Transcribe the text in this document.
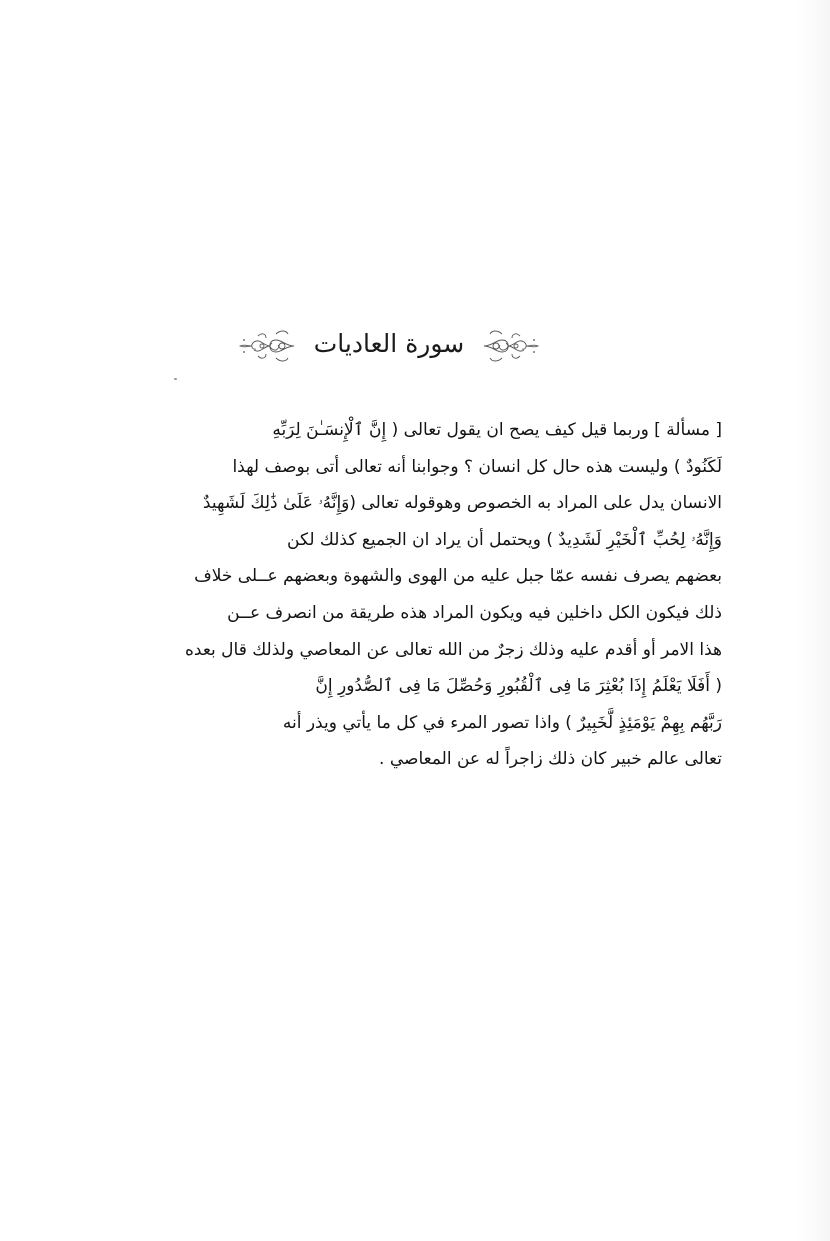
سورة العاديات
[ مسألة ] وربما قيل كيف يصح ان يقول تعالى ( إِنَّ ٱلْإِنسَـٰنَ لِرَبِّهِ
لَكَنُودٌ ) وليست هذه حال كل انسان ؟ وجوابنا أنه تعالى أتى بوصف لهذا
الانسان يدل على المراد به الخصوص وهوقوله تعالى (وَإِنَّهُۥ عَلَىٰ ذَٰلِكَ لَشَهِيدٌ
وَإِنَّهُۥ لِحُبِّ ٱلْخَيْرِ لَشَدِيدٌ ) ويحتمل أن يراد ان الجميع كذلك لكن
بعضهم يصرف نفسه عمّا جبل عليه من الهوى والشهوة وبعضهم عــلى خلاف
ذلك فيكون الكل داخلين فيه ويكون المراد هذه طريقة من انصرف عــن
هذا الامر أو أقدم عليه وذلك زجرٌ من الله تعالى عن المعاصي ولذلك قال بعده
( أَفَلَا يَعْلَمُ إِذَا بُعْثِرَ مَا فِى ٱلْقُبُورِ وَحُصِّلَ مَا فِى ٱلصُّدُورِ إِنَّ
رَبَّهُم بِهِمْ يَوْمَئِذٍ لَّخَبِيرٌ ) واذا تصور المرء في كل ما يأتي ويذر أنه
تعالى عالم خبير كان ذلك زاجراً له عن المعاصي .
